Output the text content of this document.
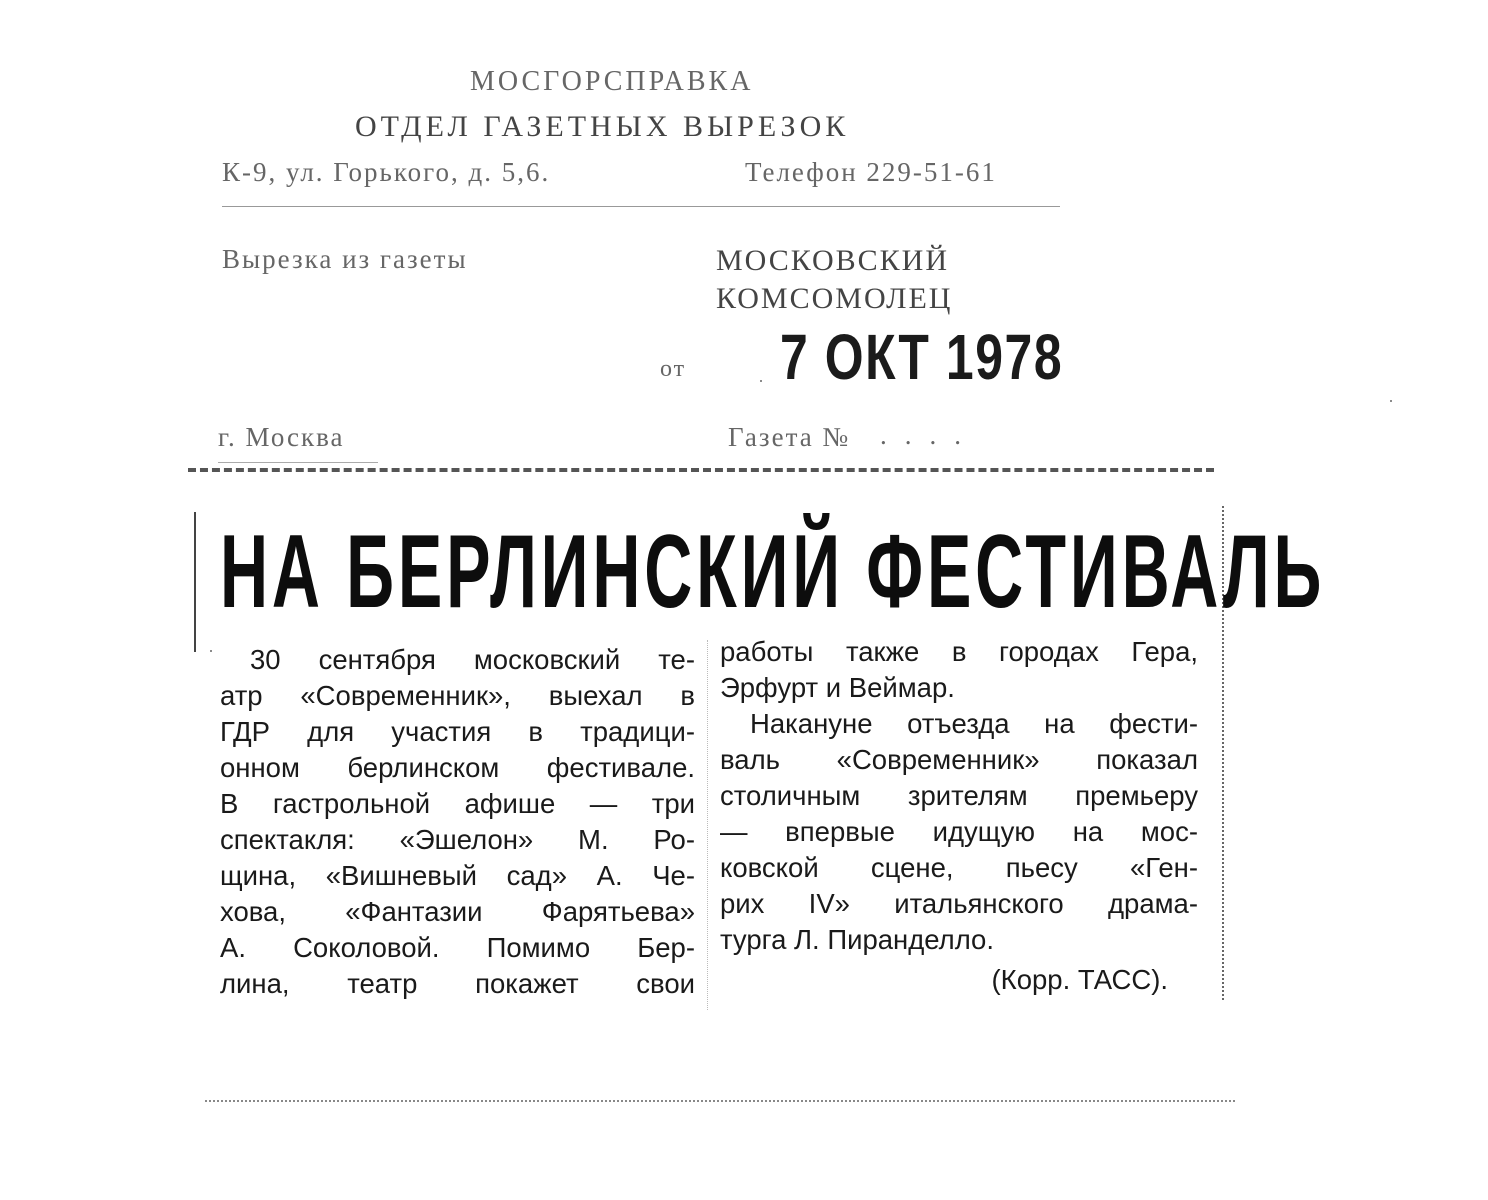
МОСГОРСПРАВКА
ОТДЕЛ ГАЗЕТНЫХ ВЫРЕЗОК
К-9, ул. Горького, д. 5,6.	Телефон 229-51-61
Вырезка из газеты	МОСКОВСКИЙ
КОМСОМОЛЕЦ
от 7 ОКТ 1978
г. Москва	Газета № ....
НА БЕРЛИНСКИЙ ФЕСТИВАЛЬ
30 сентября московский те-
атр «Современник», выехал в
ГДР для участия в традици-
онном берлинском фестивале.
В гастрольной афише — три
спектакля: «Эшелон» М. Ро-
щина, «Вишневый сад» А. Че-
хова, «Фантазии Фарятьева»
А. Соколовой. Помимо Бер-
лина, театр покажет свои
работы также в городах Гера,
Эрфурт и Веймар.
Накануне отъезда на фести-
валь «Современник» показал
столичным зрителям премьеру
— впервые идущую на мос-
ковской сцене, пьесу «Ген-
рих IV» итальянского драма-
турга Л. Пиранделло.
(Корр. ТАСС).
